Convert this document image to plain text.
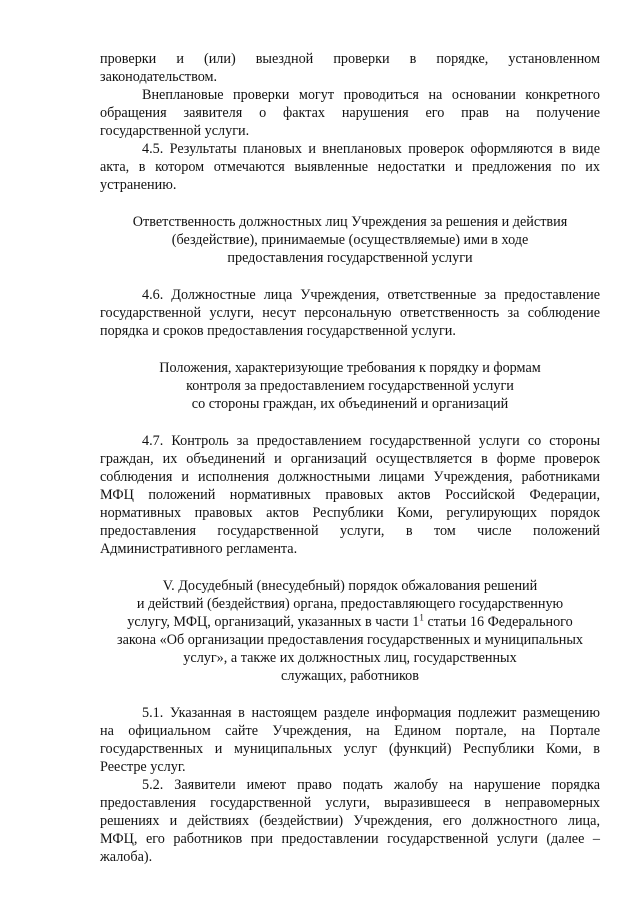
проверки и (или) выездной проверки в порядке, установленном
законодательством.
Внеплановые проверки могут проводиться на основании конкретного
обращения заявителя о фактах нарушения его прав на получение
государственной услуги.
4.5. Результаты плановых и внеплановых проверок оформляются в виде
акта, в котором отмечаются выявленные недостатки и предложения по их
устранению.
Ответственность должностных лиц Учреждения за решения и действия
(бездействие), принимаемые (осуществляемые) ими в ходе
предоставления государственной услуги
4.6. Должностные лица Учреждения, ответственные за предоставление
государственной услуги, несут персональную ответственность за соблюдение
порядка и сроков предоставления государственной услуги.
Положения, характеризующие требования к порядку и формам
контроля за предоставлением государственной услуги
со стороны граждан, их объединений и организаций
4.7. Контроль за предоставлением государственной услуги со стороны
граждан, их объединений и организаций осуществляется в форме проверок
соблюдения и исполнения должностными лицами Учреждения, работниками
МФЦ положений нормативных правовых актов Российской Федерации,
нормативных правовых актов Республики Коми, регулирующих порядок
предоставления государственной услуги, в том числе положений
Административного регламента.
V. Досудебный (внесудебный) порядок обжалования решений
и действий (бездействия) органа, предоставляющего государственную
услугу, МФЦ, организаций, указанных в части $1^1$ статьи 16 Федерального
закона «Об организации предоставления государственных и муниципальных
услуг», а также их должностных лиц, государственных
служащих, работников
5.1. Указанная в настоящем разделе информация подлежит размещению
на официальном сайте Учреждения, на Едином портале, на Портале
государственных и муниципальных услуг (функций) Республики Коми, в
Реестре услуг.
5.2. Заявители имеют право подать жалобу на нарушение порядка
предоставления государственной услуги, выразившееся в неправомерных
решениях и действиях (бездействии) Учреждения, его должностного лица,
МФЦ, его работников при предоставлении государственной услуги (далее –
жалоба).
